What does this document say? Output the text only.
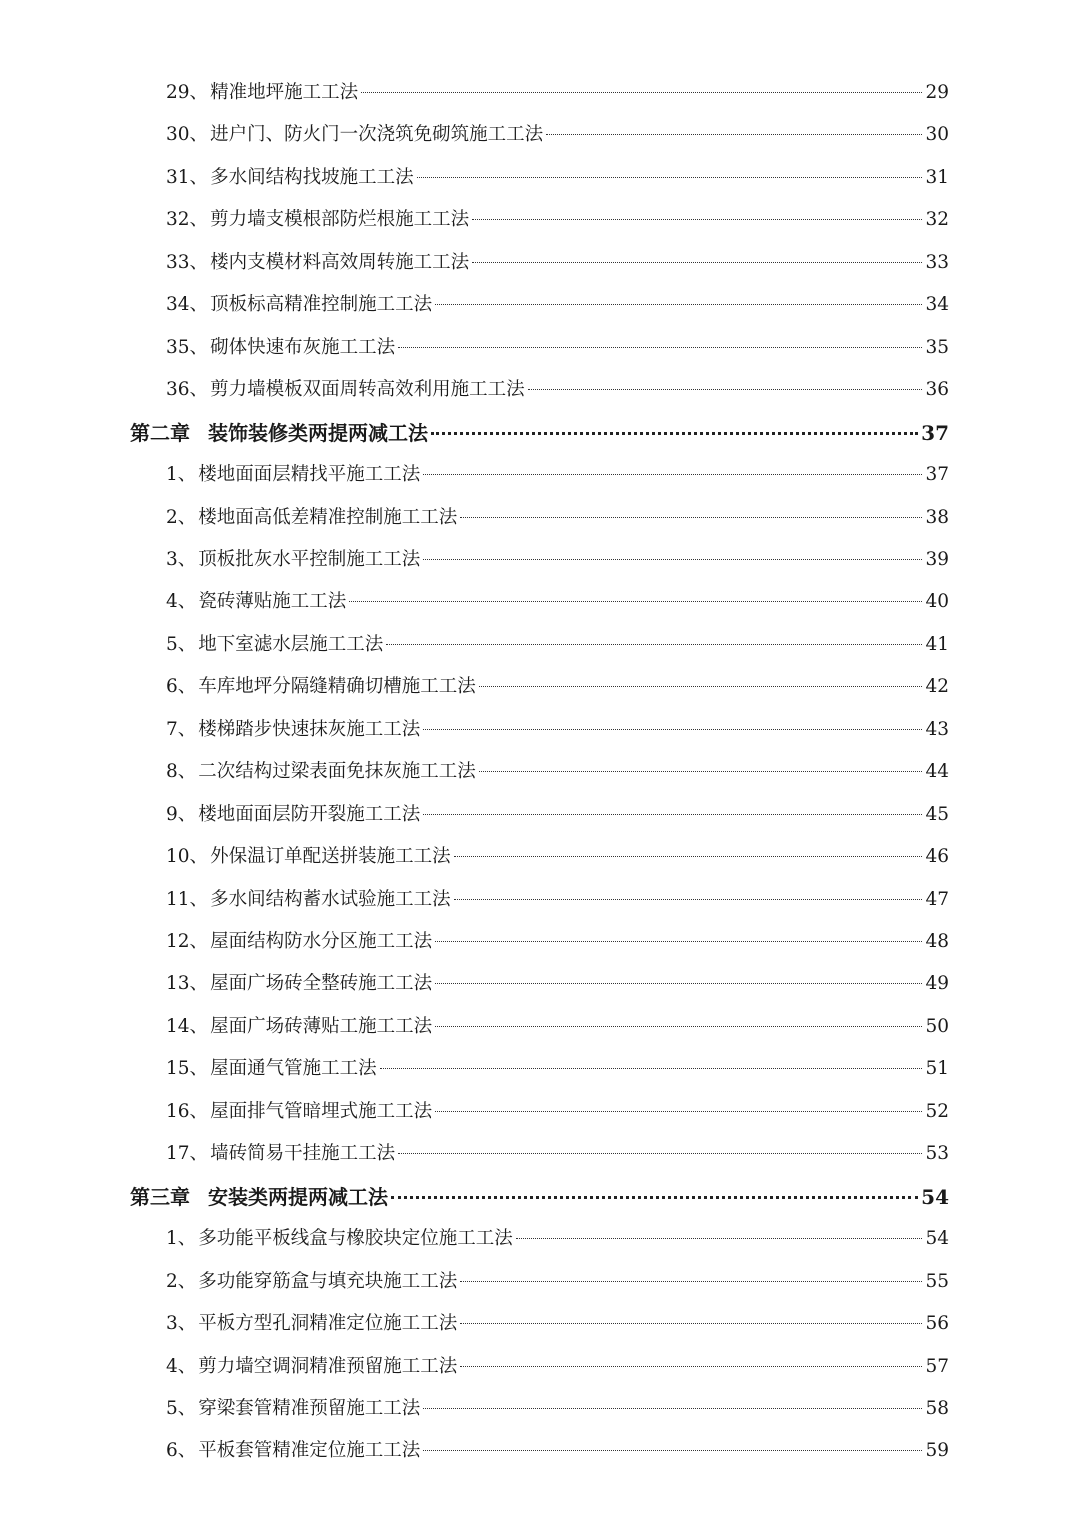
29、 精准地坪施工工法	29
30、 进户门、防火门一次浇筑免砌筑施工工法	30
31、 多水间结构找坡施工工法	31
32、 剪力墙支模根部防烂根施工工法	32
33、 楼内支模材料高效周转施工工法	33
34、 顶板标高精准控制施工工法	34
35、 砌体快速布灰施工工法	35
36、 剪力墙模板双面周转高效利用施工工法	36
第二章 装饰装修类两提两减工法	37
1、 楼地面面层精找平施工工法	37
2、 楼地面高低差精准控制施工工法	38
3、 顶板批灰水平控制施工工法	39
4、 瓷砖薄贴施工工法	40
5、 地下室滤水层施工工法	41
6、 车库地坪分隔缝精确切槽施工工法	42
7、 楼梯踏步快速抹灰施工工法	43
8、 二次结构过梁表面免抹灰施工工法	44
9、 楼地面面层防开裂施工工法	45
10、 外保温订单配送拼装施工工法	46
11、 多水间结构蓄水试验施工工法	47
12、 屋面结构防水分区施工工法	48
13、 屋面广场砖全整砖施工工法	49
14、 屋面广场砖薄贴工施工工法	50
15、 屋面通气管施工工法	51
16、 屋面排气管暗埋式施工工法	52
17、 墙砖简易干挂施工工法	53
第三章 安装类两提两减工法	54
1、 多功能平板线盒与橡胶块定位施工工法	54
2、 多功能穿筋盒与填充块施工工法	55
3、 平板方型孔洞精准定位施工工法	56
4、 剪力墙空调洞精准预留施工工法	57
5、 穿梁套管精准预留施工工法	58
6、 平板套管精准定位施工工法	59
